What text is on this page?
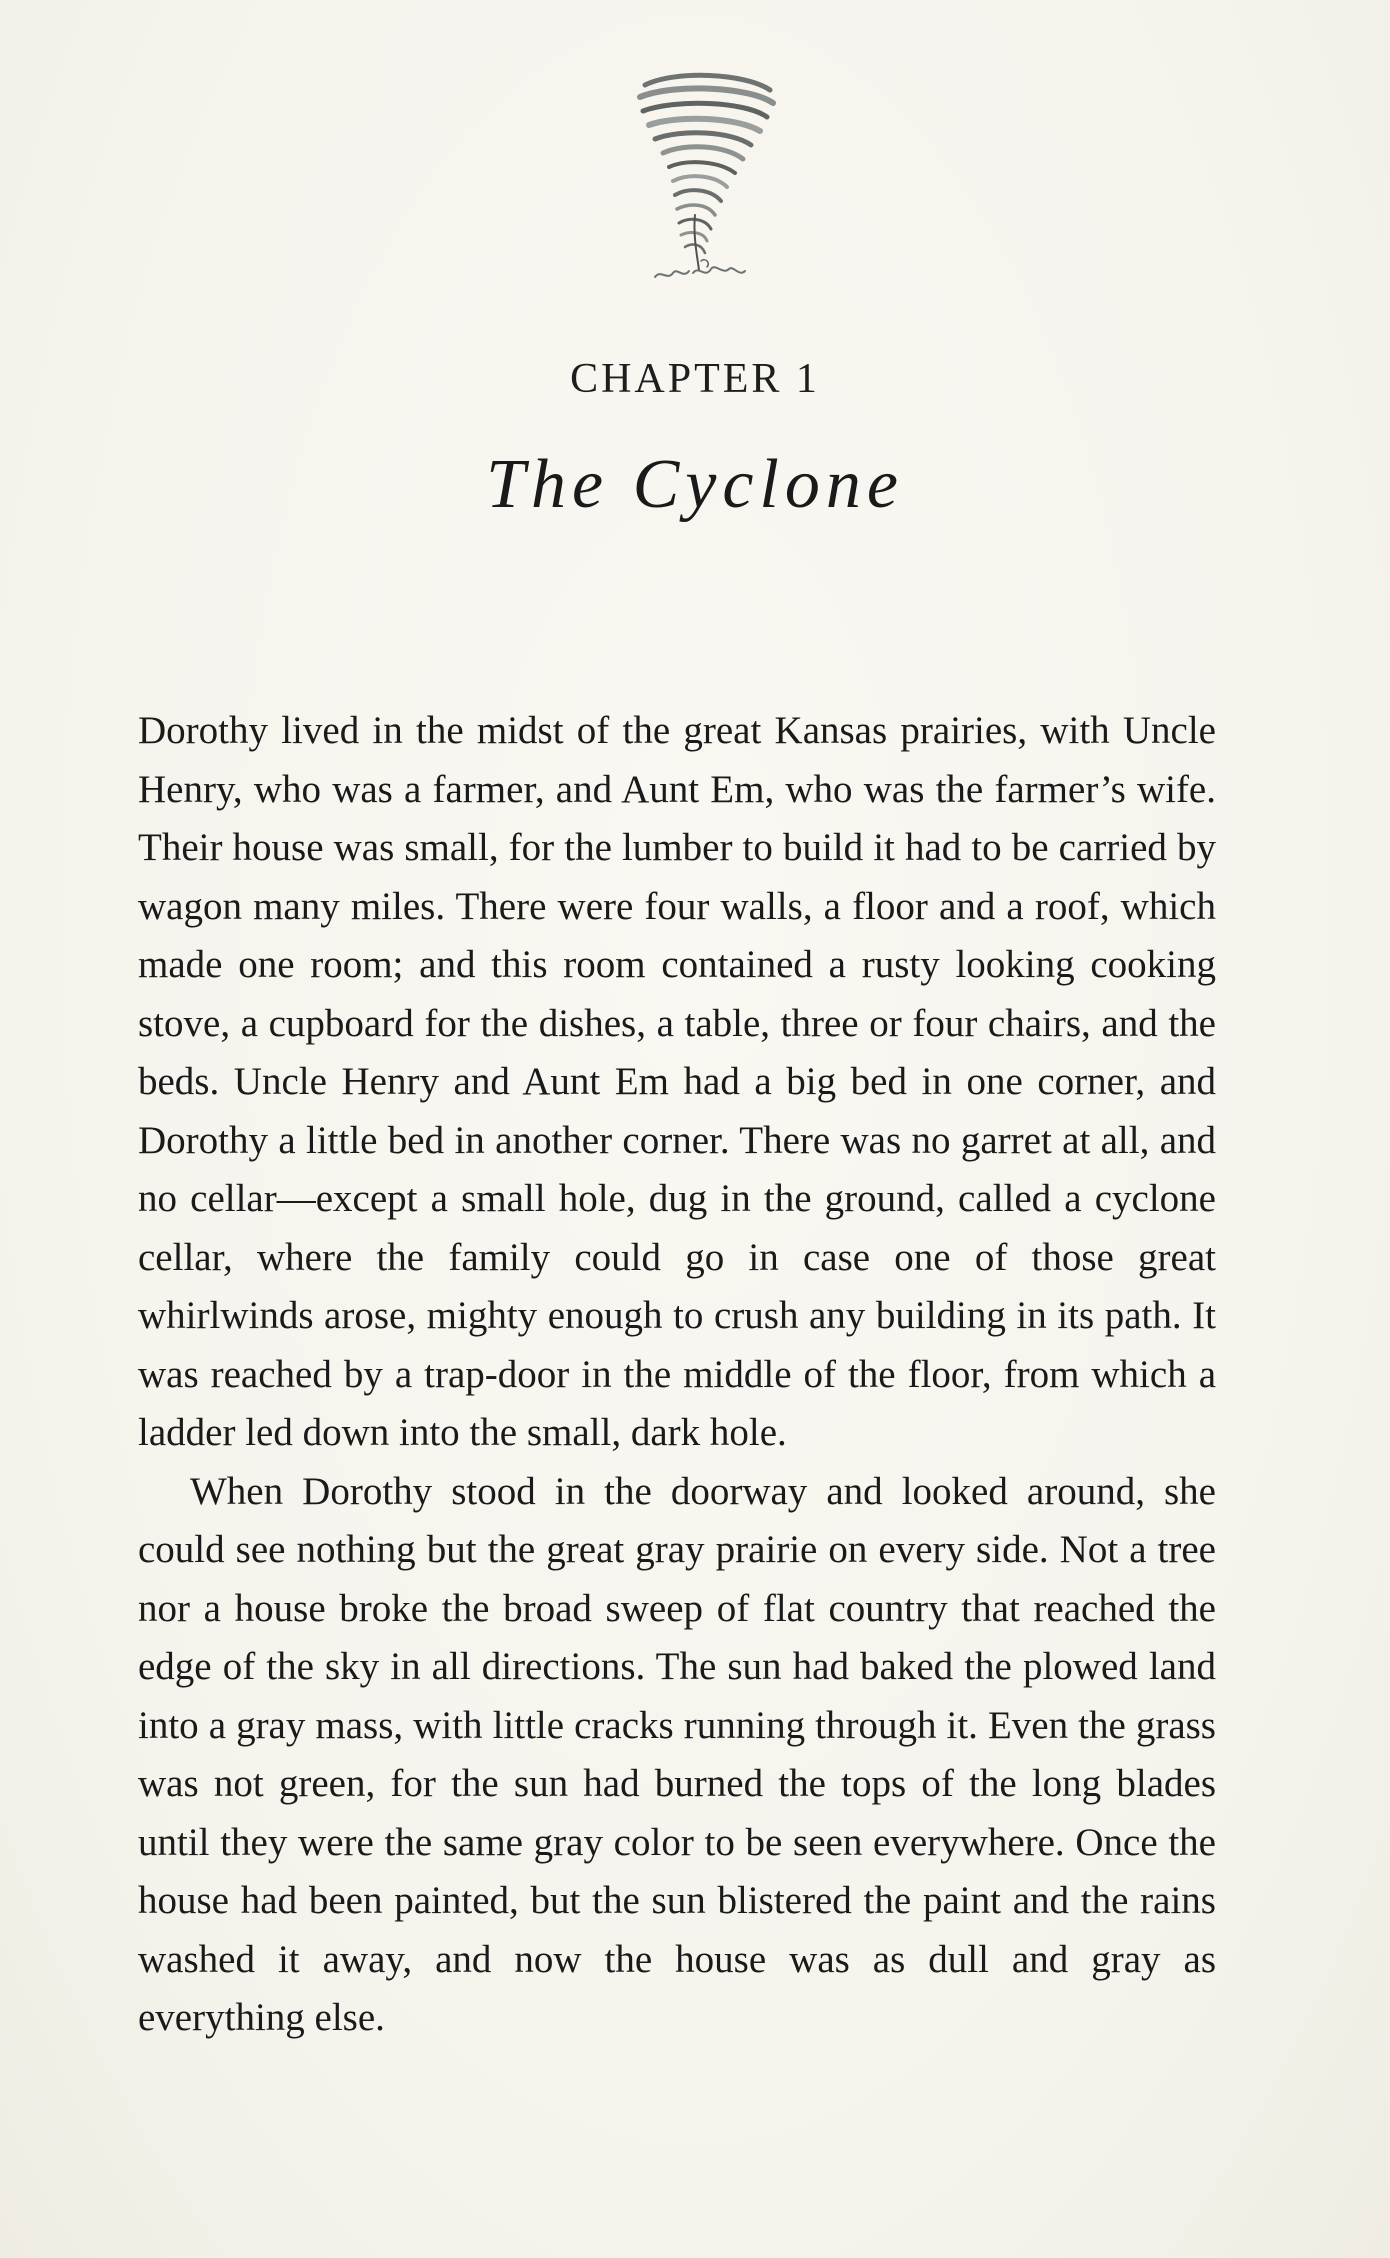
CHAPTER 1
The Cyclone

Dorothy lived in the midst of the great Kansas prairies, with Uncle Henry, who was a farmer, and Aunt Em, who was the farmer’s wife. Their house was small, for the lumber to build it had to be carried by wagon many miles. There were four walls, a floor and a roof, which made one room; and this room contained a rusty looking cooking stove, a cupboard for the dishes, a table, three or four chairs, and the beds. Uncle Henry and Aunt Em had a big bed in one corner, and Dorothy a little bed in another corner. There was no garret at all, and no cellar—except a small hole, dug in the ground, called a cyclone cellar, where the family could go in case one of those great whirlwinds arose, mighty enough to crush any building in its path. It was reached by a trap-door in the middle of the floor, from which a ladder led down into the small, dark hole.

When Dorothy stood in the doorway and looked around, she could see nothing but the great gray prairie on every side. Not a tree nor a house broke the broad sweep of flat country that reached the edge of the sky in all directions. The sun had baked the plowed land into a gray mass, with little cracks running through it. Even the grass was not green, for the sun had burned the tops of the long blades until they were the same gray color to be seen everywhere. Once the house had been painted, but the sun blistered the paint and the rains washed it away, and now the house was as dull and gray as everything else.
